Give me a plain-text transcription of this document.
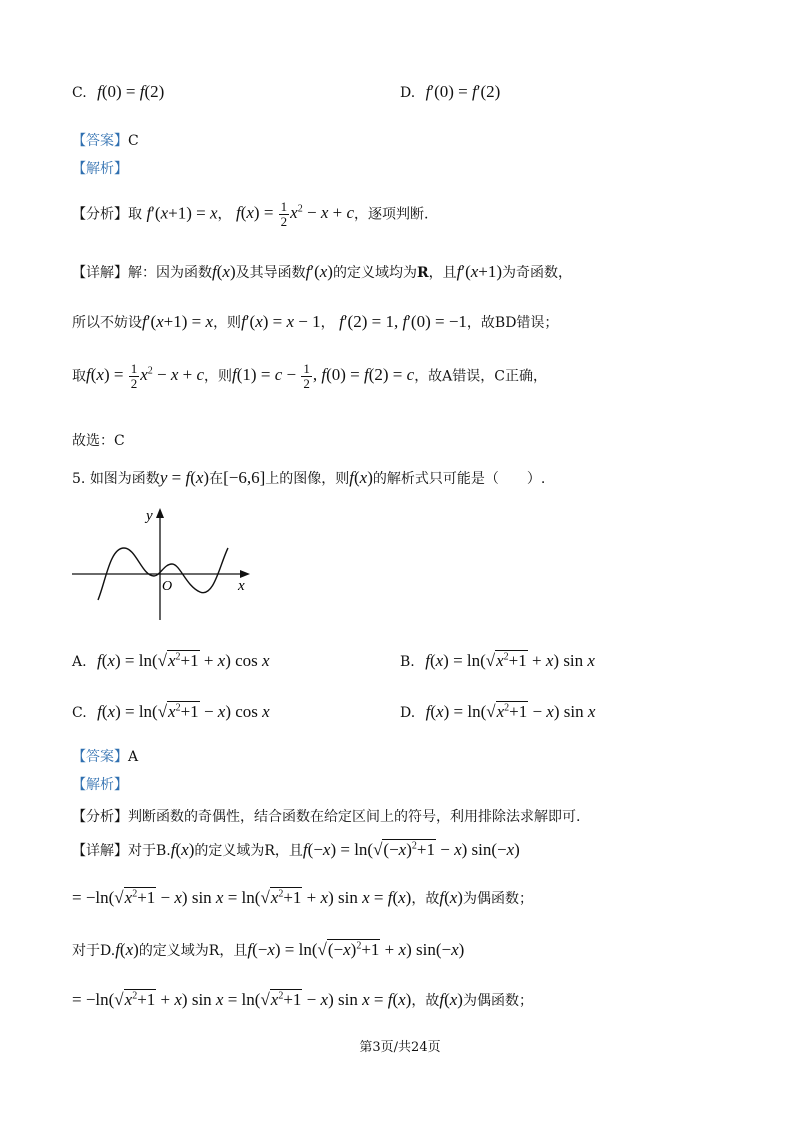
C. f(0) = f(2)	D. f′(0) = f′(2)
【答案】C
【解析】
【分析】取 f′(x+1) = x， $f(x) = \frac{1}{2} x^2 - x + c$，逐项判断.
【详解】解：因为函数f(x)及其导函数f′(x)的定义域均为R，且f′(x+1)为奇函数，
所以不妨设f′(x+1) = x，则f′(x) = x − 1， f′(2) = 1, f′(0) = −1，故BD错误；
取$f(x) = \frac{1}{2} x^2 - x + c$，则$f(1) = c - \frac{1}{2}$ , f(0) = f(2) = c，故A错误，C正确，
故选：C
5. 如图为函数y = f(x)在[−6,6]上的图像，则f(x)的解析式只可能是（　　）.
y
x
O
A. $f(x) = \ln(√x^2+1 + x)$ cos x	B. $f(x) = \ln(√x^2+1 + x)$ sin x
C. $f(x) = \ln(√x^2+1 - x)$ cos x	D. $f(x) = \ln(√x^2+1 - x)$ sin x
【答案】A
【解析】
【分析】判断函数的奇偶性，结合函数在给定区间上的符号，利用排除法求解即可.
【详解】对于B.f(x)的定义域为R，且$f(-x) = \ln(√(-x)^2+1 - x)$ sin(−x)
= $-\ln(√x^2+1 - x)$ $\sin x = \ln(√x^2+1 + x)$ sin x = f(x)，故f(x)为偶函数；
对于D.f(x)的定义域为R，且$f(-x) = \ln(√(-x)^2+1 + x)$ sin(−x)
= $-\ln(√x^2+1 + x)$ $\sin x = \ln(√x^2+1 - x)$ sin x = f(x)，故f(x)为偶函数；
第3页/共24页
